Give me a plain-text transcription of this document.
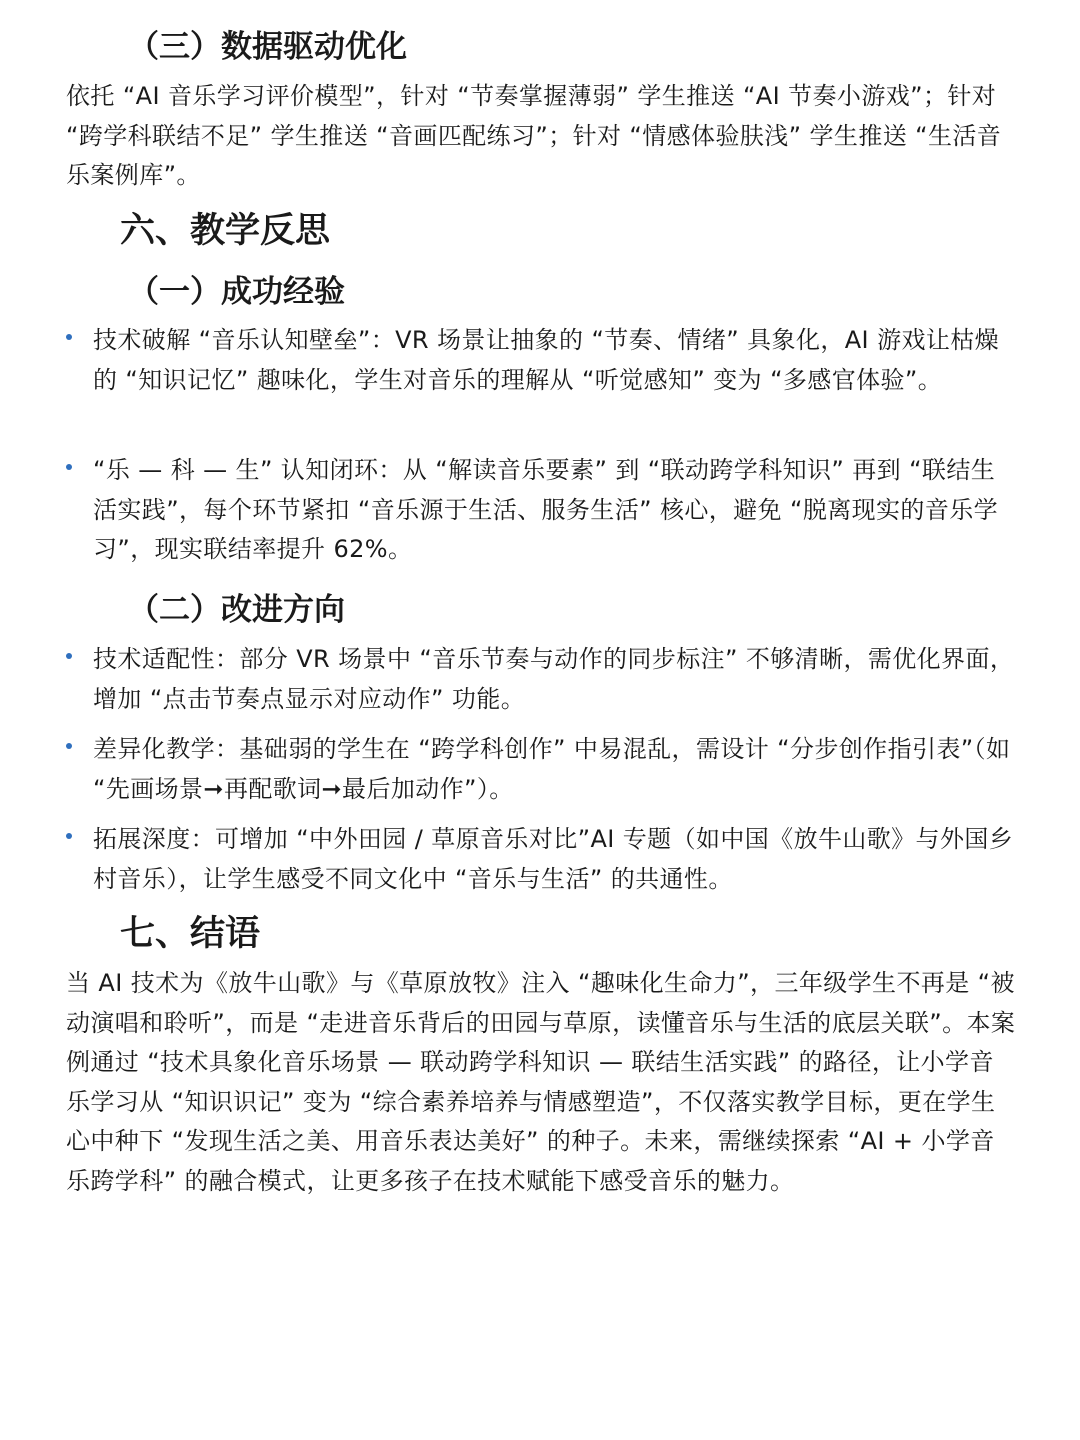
（三）数据驱动优化

依托 “AI 音乐学习评价模型”，针对 “节奏掌握薄弱” 学生推送 “AI 节奏小游戏”；针对 “跨学科联结不足” 学生推送 “音画匹配练习”；针对 “情感体验肤浅” 学生推送 “生活音乐案例库”。

六、教学反思
（一）成功经验

技术破解 “音乐认知壁垒”：VR 场景让抽象的 “节奏、情绪” 具象化，AI 游戏让枯燥的 “知识记忆” 趣味化，学生对音乐的理解从 “听觉感知” 变为 “多感官体验”。

“乐 — 科 — 生” 认知闭环：从 “解读音乐要素” 到 “联动跨学科知识” 再到 “联结生活实践”，每个环节紧扣 “音乐源于生活、服务生活” 核心，避免 “脱离现实的音乐学习”，现实联结率提升 62%。

（二）改进方向

技术适配性：部分 VR 场景中 “音乐节奏与动作的同步标注” 不够清晰，需优化界面，增加 “点击节奏点显示对应动作” 功能。

差异化教学：基础弱的学生在 “跨学科创作” 中易混乱，需设计 “分步创作指引表”（如 “先画场景➞再配歌词➞最后加动作”）。

拓展深度：可增加 “中外田园 / 草原音乐对比”AI 专题（如中国《放牛山歌》与外国乡村音乐），让学生感受不同文化中 “音乐与生活” 的共通性。

七、结语

当 AI 技术为《放牛山歌》与《草原放牧》注入 “趣味化生命力”，三年级学生不再是 “被动演唱和聆听”，而是 “走进音乐背后的田园与草原，读懂音乐与生活的底层关联”。本案例通过 “技术具象化音乐场景 — 联动跨学科知识 — 联结生活实践” 的路径，让小学音乐学习从 “知识识记” 变为 “综合素养培养与情感塑造”，不仅落实教学目标，更在学生心中种下 “发现生活之美、用音乐表达美好” 的种子。未来，需继续探索 “AI + 小学音乐跨学科” 的融合模式，让更多孩子在技术赋能下感受音乐的魅力。
